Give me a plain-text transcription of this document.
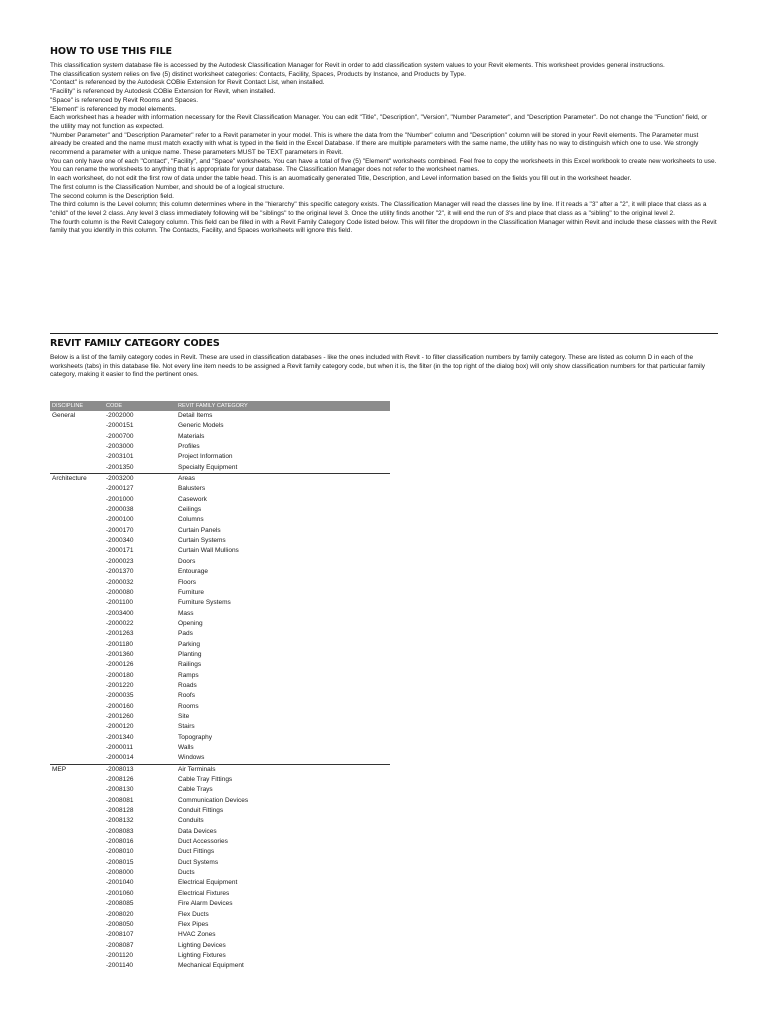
HOW TO USE THIS FILE

This classification system database file is accessed by the Autodesk Classification Manager for Revit in order to add classification system values to your Revit elements. This worksheet provides general instructions.

The classification system relies on five (5) distinct worksheet categories: Contacts, Facility, Spaces, Products by Instance, and Products by Type.

"Contact" is referenced by the Autodesk COBie Extension for Revit Contact List, when installed.

"Facility" is referenced by Autodesk COBie Extension for Revit, when installed.

"Space" is referenced by Revit Rooms and Spaces.

"Element" is referenced by model elements.

Each worksheet has a header with information necessary for the Revit Classification Manager. You can edit "Title", "Description", "Version", "Number Parameter", and "Description Parameter". Do not change the "Function" field, or the utility may not function as expected.

"Number Parameter" and "Description Parameter" refer to a Revit parameter in your model. This is where the data from the "Number" column and "Description" column will be stored in your Revit elements. The Parameter must already be created and the name must match exactly with what is typed in the field in the Excel Database. If there are multiple parameters with the same name, the utility has no way to distinguish which one to use. We strongly recommend a parameter with a unique name. These parameters MUST be TEXT parameters in Revit.

You can only have one of each "Contact", "Facility", and "Space" worksheets. You can have a total of five (5) "Element" worksheets combined. Feel free to copy the worksheets in this Excel workbook to create new worksheets to use.

You can rename the worksheets to anything that is appropriate for your database. The Classification Manager does not refer to the worksheet names.

In each worksheet, do not edit the first row of data under the table head. This is an auomatically generated Title, Description, and Level information based on the fields you fill out in the worksheet header.

The first column is the Classification Number, and should be of a logical structure.

The second column is the Description field.

The third column is the Level column; this column determines where in the "hierarchy" this specific category exists. The Classification Manager will read the classes line by line. If it reads a "3" after a "2", it will place that class as a "child" of the level 2 class. Any level 3 class immediately following will be "siblings" to the original level 3. Once the utility finds another "2", it will end the run of 3's and place that class as a "sibling" to the original level 2.

The fourth column is the Revit Category column. This field can be filled in with a Revit Family Category Code listed below. This will filter the dropdown in the Classification Manager within Revit and include these classes with the Revit family that you identify in this column. The Contacts, Facility, and Spaces worksheets will ignore this field.

REVIT FAMILY CATEGORY CODES

Below is a list of the family category codes in Revit. These are used in classification databases - like the ones included with Revit - to filter classification numbers by family category. These are listed as column D in each of the worksheets (tabs) in this database file. Not every line item needs to be assigned a Revit family category code, but when it is, the filter (in the top right of the dialog box) will only show classification numbers for that particular family category, making it easier to find the pertinent ones.

DISCIPLINE	CODE	REVIT FAMILY CATEGORY
General	-2002000	Detail Items
	-2000151	Generic Models
	-2000700	Materials
	-2003000	Profiles
	-2003101	Project Information
	-2001350	Specialty Equipment
Architecture	-2003200	Areas
	-2000127	Balusters
	-2001000	Casework
	-2000038	Ceilings
	-2000100	Columns
	-2000170	Curtain Panels
	-2000340	Curtain Systems
	-2000171	Curtain Wall Mullions
	-2000023	Doors
	-2001370	Entourage
	-2000032	Floors
	-2000080	Furniture
	-2001100	Furniture Systems
	-2003400	Mass
	-2000022	Opening
	-2001263	Pads
	-2001180	Parking
	-2001360	Planting
	-2000126	Railings
	-2000180	Ramps
	-2001220	Roads
	-2000035	Roofs
	-2000160	Rooms
	-2001260	Site
	-2000120	Stairs
	-2001340	Topography
	-2000011	Walls
	-2000014	Windows
MEP	-2008013	Air Terminals
	-2008126	Cable Tray Fittings
	-2008130	Cable Trays
	-2008081	Communication Devices
	-2008128	Conduit Fittings
	-2008132	Conduits
	-2008083	Data Devices
	-2008016	Duct Accessories
	-2008010	Duct Fittings
	-2008015	Duct Systems
	-2008000	Ducts
	-2001040	Electrical Equipment
	-2001060	Electrical Fixtures
	-2008085	Fire Alarm Devices
	-2008020	Flex Ducts
	-2008050	Flex Pipes
	-2008107	HVAC Zones
	-2008087	Lighting Devices
	-2001120	Lighting Fixtures
	-2001140	Mechanical Equipment
